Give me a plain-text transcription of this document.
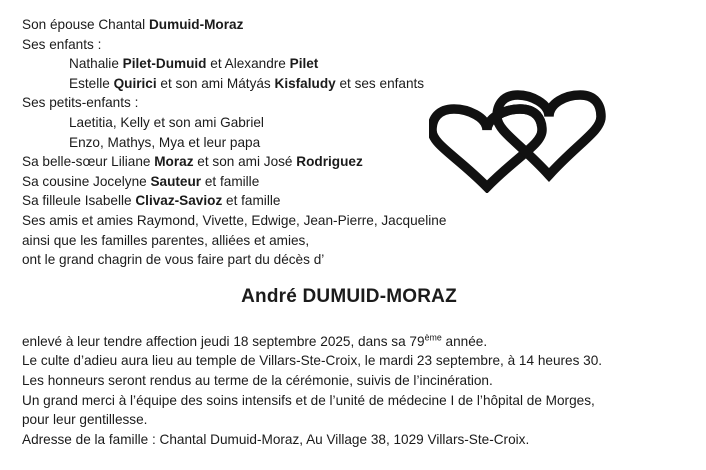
Son épouse Chantal Dumuid-Moraz

Ses enfants :

Nathalie Pilet-Dumuid et Alexandre Pilet

Estelle Quirici et son ami Mátyás Kisfaludy et ses enfants

Ses petits-enfants :

Laetitia, Kelly et son ami Gabriel

Enzo, Mathys, Mya et leur papa

Sa belle-sœur Liliane Moraz et son ami José Rodriguez

Sa cousine Jocelyne Sauteur et famille

Sa filleule Isabelle Clivaz-Savioz et famille

Ses amis et amies Raymond, Vivette, Edwige, Jean-Pierre, Jacqueline

ainsi que les familles parentes, alliées et amies,

ont le grand chagrin de vous faire part du décès d’

André DUMUID-MORAZ

enlevé à leur tendre affection jeudi 18 septembre 2025, dans sa 79ème année.

Le culte d’adieu aura lieu au temple de Villars-Ste-Croix, le mardi 23 septembre, à 14 heures 30.

Les honneurs seront rendus au terme de la cérémonie, suivis de l’incinération.

Un grand merci à l’équipe des soins intensifs et de l’unité de médecine I de l’hôpital de Morges,

pour leur gentillesse.

Adresse de la famille : Chantal Dumuid-Moraz, Au Village 38, 1029 Villars-Ste-Croix.
